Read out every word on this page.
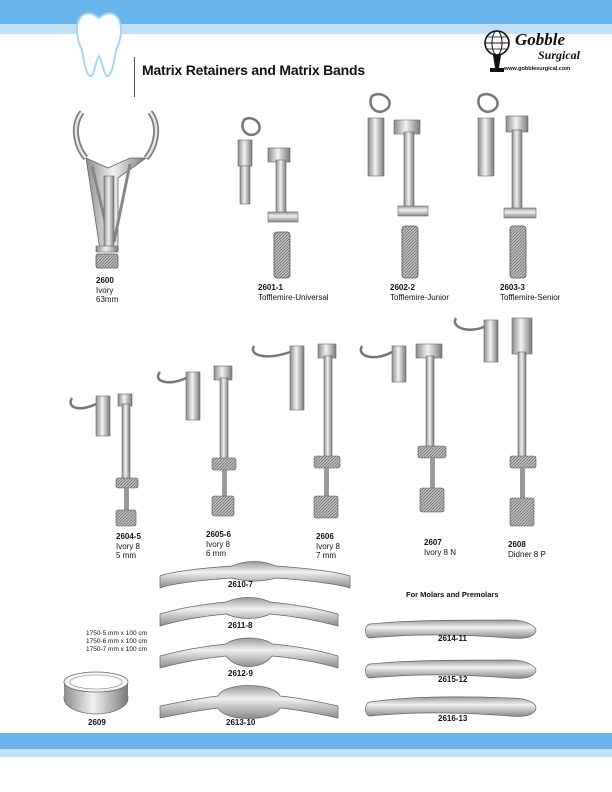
Matrix Retainers and Matrix Bands
Gobble
Surgical
www.gobblesurgical.com
2600
Ivory
63mm
2601-1
Tofflemire-Universal
2602-2
Tofflemire-Junior
2603-3
Tofflemire-Senior
2604-5
Ivory 8
5 mm
2605-6
Ivory 8
6 mm
2606
Ivory 8
7 mm
2607
Ivory 8 N
2608
Didner 8 P
2610-7
2611-8
2612-9
2613-10
For Molars and Premolars
2614-11
2615-12
2616-13
1750-5 mm x 100 cm
1750-6 mm x 100 cm
1750-7 mm x 100 cm
2609
